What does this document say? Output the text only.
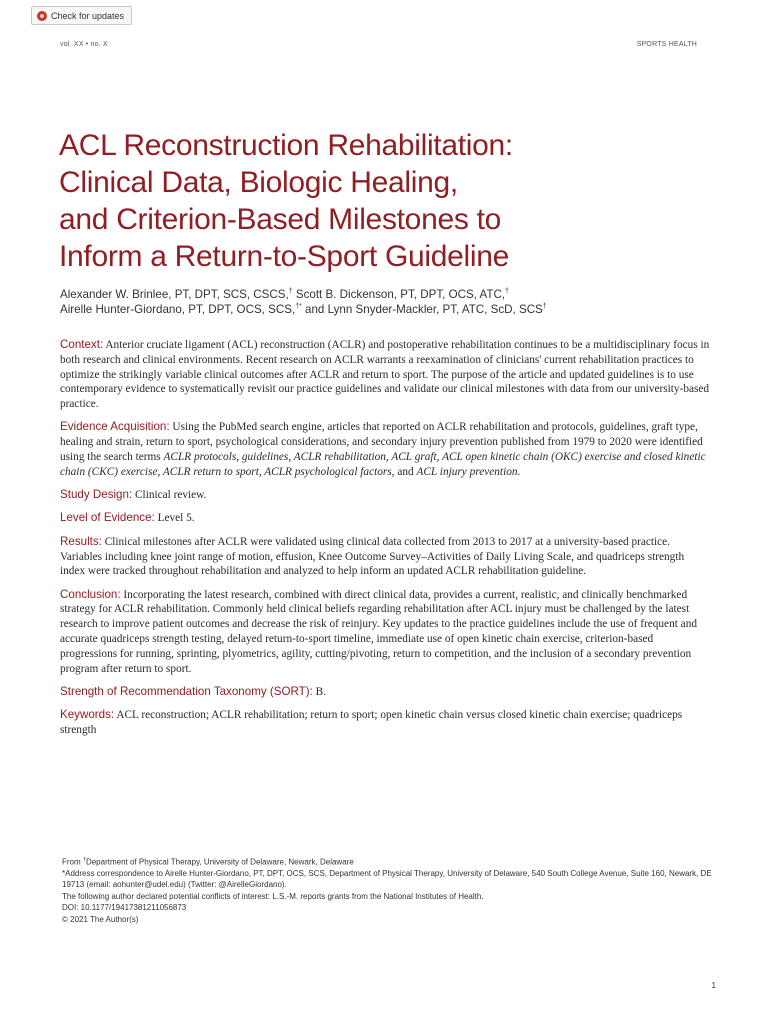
Check for updates
vol. XX • no. X	SPORTS HEALTH
ACL Reconstruction Rehabilitation:
Clinical Data, Biologic Healing,
and Criterion-Based Milestones to
Inform a Return-to-Sport Guideline
Alexander W. Brinlee, PT, DPT, SCS, CSCS,† Scott B. Dickenson, PT, DPT, OCS, ATC,†
Airelle Hunter-Giordano, PT, DPT, OCS, SCS,†* and Lynn Snyder-Mackler, PT, ATC, ScD, SCS†

Context: Anterior cruciate ligament (ACL) reconstruction (ACLR) and postoperative rehabilitation continues to be a multidisciplinary focus in both research and clinical environments. Recent research on ACLR warrants a reexamination of clinicians' current rehabilitation practices to optimize the strikingly variable clinical outcomes after ACLR and return to sport. The purpose of the article and updated guidelines is to use contemporary evidence to systematically revisit our practice guidelines and validate our clinical milestones with data from our university-based practice.

Evidence Acquisition: Using the PubMed search engine, articles that reported on ACLR rehabilitation and protocols, guidelines, graft type, healing and strain, return to sport, psychological considerations, and secondary injury prevention published from 1979 to 2020 were identified using the search terms ACLR protocols, guidelines, ACLR rehabilitation, ACL graft, ACL open kinetic chain (OKC) exercise and closed kinetic chain (CKC) exercise, ACLR return to sport, ACLR psychological factors, and ACL injury prevention.

Study Design: Clinical review.

Level of Evidence: Level 5.

Results: Clinical milestones after ACLR were validated using clinical data collected from 2013 to 2017 at a university-based practice. Variables including knee joint range of motion, effusion, Knee Outcome Survey–Activities of Daily Living Scale, and quadriceps strength index were tracked throughout rehabilitation and analyzed to help inform an updated ACLR rehabilitation guideline.

Conclusion: Incorporating the latest research, combined with direct clinical data, provides a current, realistic, and clinically benchmarked strategy for ACLR rehabilitation. Commonly held clinical beliefs regarding rehabilitation after ACL injury must be challenged by the latest research to improve patient outcomes and decrease the risk of reinjury. Key updates to the practice guidelines include the use of frequent and accurate quadriceps strength testing, delayed return-to-sport timeline, immediate use of open kinetic chain exercise, criterion-based progressions for running, sprinting, plyometrics, agility, cutting/pivoting, return to competition, and the inclusion of a secondary prevention program after return to sport.

Strength of Recommendation Taxonomy (SORT): B.

Keywords: ACL reconstruction; ACLR rehabilitation; return to sport; open kinetic chain versus closed kinetic chain exercise; quadriceps strength

From †Department of Physical Therapy, University of Delaware, Newark, Delaware
*Address correspondence to Airelle Hunter-Giordano, PT, DPT, OCS, SCS, Department of Physical Therapy, University of Delaware, 540 South College Avenue, Suite 160, Newark, DE 19713 (email: aohunter@udel.edu) (Twitter: @AirelleGiordano).
The following author declared potential conflicts of interest: L.S.-M. reports grants from the National Institutes of Health.
DOI: 10.1177/19417381211056873
© 2021 The Author(s)
1
